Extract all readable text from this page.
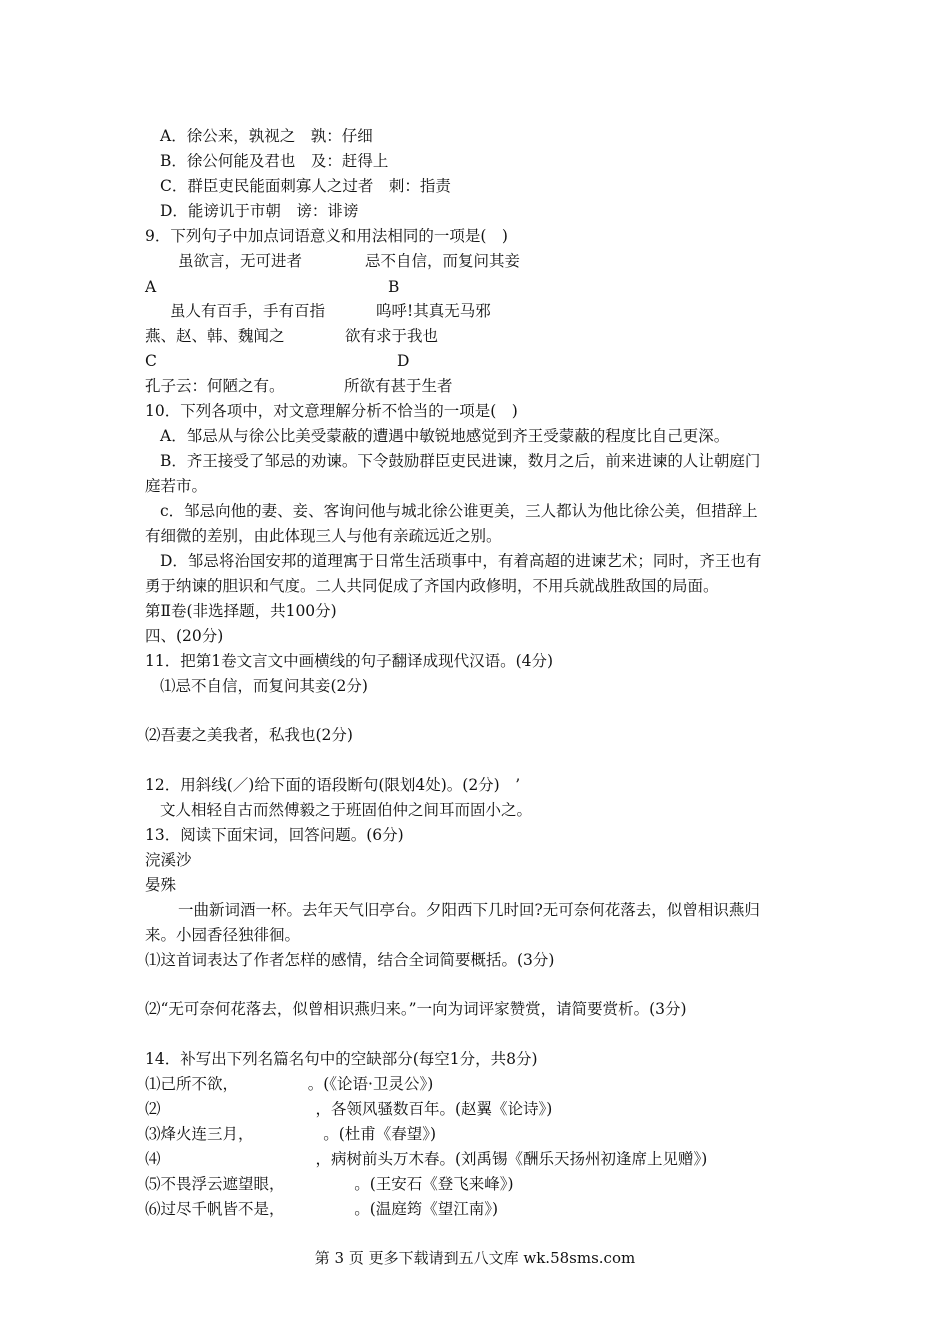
A．徐公来，孰视之　孰：仔细
B．徐公何能及君也　及：赶得上
C．群臣吏民能面刺寡人之过者　刺：指责
D．能谤讥于市朝　谤：诽谤
9．下列句子中加点词语意义和用法相同的一项是(　)
虽欲言，无可进者	忌不自信，而复问其妾
A	B
虽人有百手，手有百指	呜呼!其真无马邪
燕、赵、韩、魏闻之	欲有求于我也
C	D
孔子云：何陋之有。	所欲有甚于生者
10．下列各项中，对文意理解分析不恰当的一项是(　)
A．邹忌从与徐公比美受蒙蔽的遭遇中敏锐地感觉到齐王受蒙蔽的程度比自己更深。
B．齐王接受了邹忌的劝谏。下令鼓励群臣吏民进谏，数月之后，前来进谏的人让朝庭门
庭若市。
c．邹忌向他的妻、妾、客询问他与城北徐公谁更美，三人都认为他比徐公美，但措辞上
有细微的差别，由此体现三人与他有亲疏远近之别。
D．邹忌将治国安邦的道理寓于日常生活琐事中，有着高超的进谏艺术；同时，齐王也有
勇于纳谏的胆识和气度。二人共同促成了齐国内政修明，不用兵就战胜敌国的局面。
第Ⅱ卷(非选择题，共100分)
四、(20分)
11．把第1卷文言文中画横线的句子翻译成现代汉语。(4分)
⑴忌不自信，而复问其妾(2分)
⑵吾妻之美我者，私我也(2分)
12．用斜线(／)给下面的语段断句(限划4处)。(2分)　’
文人相轻自古而然傅毅之于班固伯仲之间耳而固小之。
13．阅读下面宋词，回答问题。(6分)
浣溪沙
晏殊
一曲新词酒一杯。去年天气旧亭台。夕阳西下几时回?无可奈何花落去，似曾相识燕归
来。小园香径独徘徊。
⑴这首词表达了作者怎样的感情，结合全词简要概括。(3分)
⑵“无可奈何花落去，似曾相识燕归来。”一向为词评家赞赏，请简要赏析。(3分)
14．补写出下列名篇名句中的空缺部分(每空1分，共8分)
⑴己所不欲，　　　　　。(《论语·卫灵公》)
⑵　　　　　　　　　　，各领风骚数百年。(赵翼《论诗》)
⑶烽火连三月，　　　　　。(杜甫《春望》)
⑷　　　　　　　　　　，病树前头万木春。(刘禹锡《酬乐天扬州初逢席上见赠》)
⑸不畏浮云遮望眼，　　　　　。(王安石《登飞来峰》)
⑹过尽千帆皆不是，　　　　　。(温庭筠《望江南》)
第 3 页 更多下载请到五八文库 wk.58sms.com
